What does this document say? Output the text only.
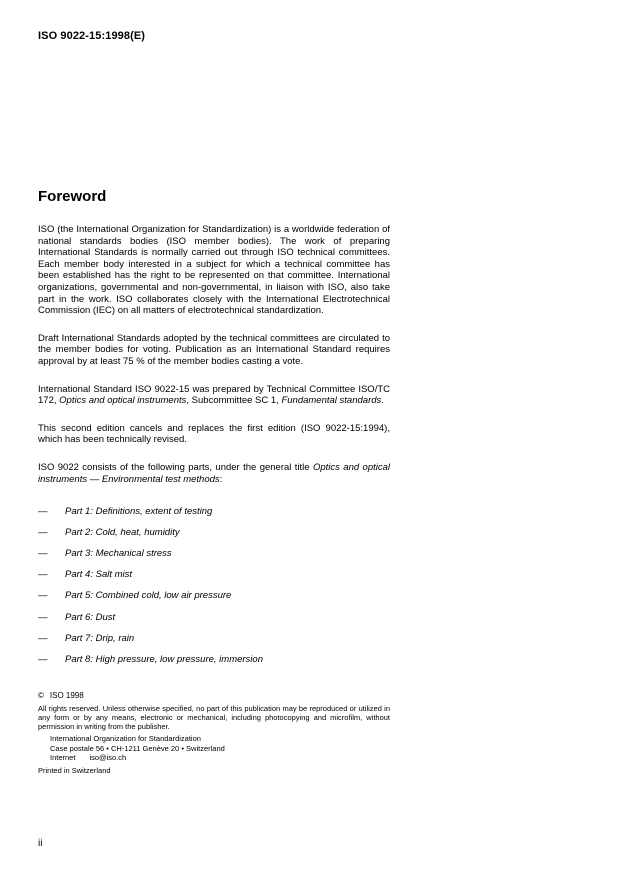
ISO 9022-15:1998(E)
Foreword

ISO (the International Organization for Standardization) is a worldwide federation of national standards bodies (ISO member bodies). The work of preparing International Standards is normally carried out through ISO technical committees. Each member body interested in a subject for which a technical committee has been established has the right to be represented on that committee. International organizations, governmental and non-governmental, in liaison with ISO, also take part in the work. ISO collaborates closely with the International Electrotechnical Commission (IEC) on all matters of electrotechnical standardization.

Draft International Standards adopted by the technical committees are circulated to the member bodies for voting. Publication as an International Standard requires approval by at least 75 % of the member bodies casting a vote.

International Standard ISO 9022-15 was prepared by Technical Committee ISO/TC 172, Optics and optical instruments, Subcommittee SC 1, Fundamental standards.

This second edition cancels and replaces the first edition (ISO 9022-15:1994), which has been technically revised.

ISO 9022 consists of the following parts, under the general title Optics and optical instruments — Environmental test methods:

—	Part 1: Definitions, extent of testing
—	Part 2: Cold, heat, humidity
—	Part 3: Mechanical stress
—	Part 4: Salt mist
—	Part 5: Combined cold, low air pressure
—	Part 6: Dust
—	Part 7: Drip, rain
—	Part 8: High pressure, low pressure, immersion
© ISO 1998
All rights reserved. Unless otherwise specified, no part of this publication may be reproduced or utilized in any form or by any means, electronic or mechanical, including photocopying and microfilm, without permission in writing from the publisher.
International Organization for Standardization
Case postale 56 • CH-1211 Genève 20 • Switzerland
Internet iso@iso.ch
Printed in Switzerland
ii
